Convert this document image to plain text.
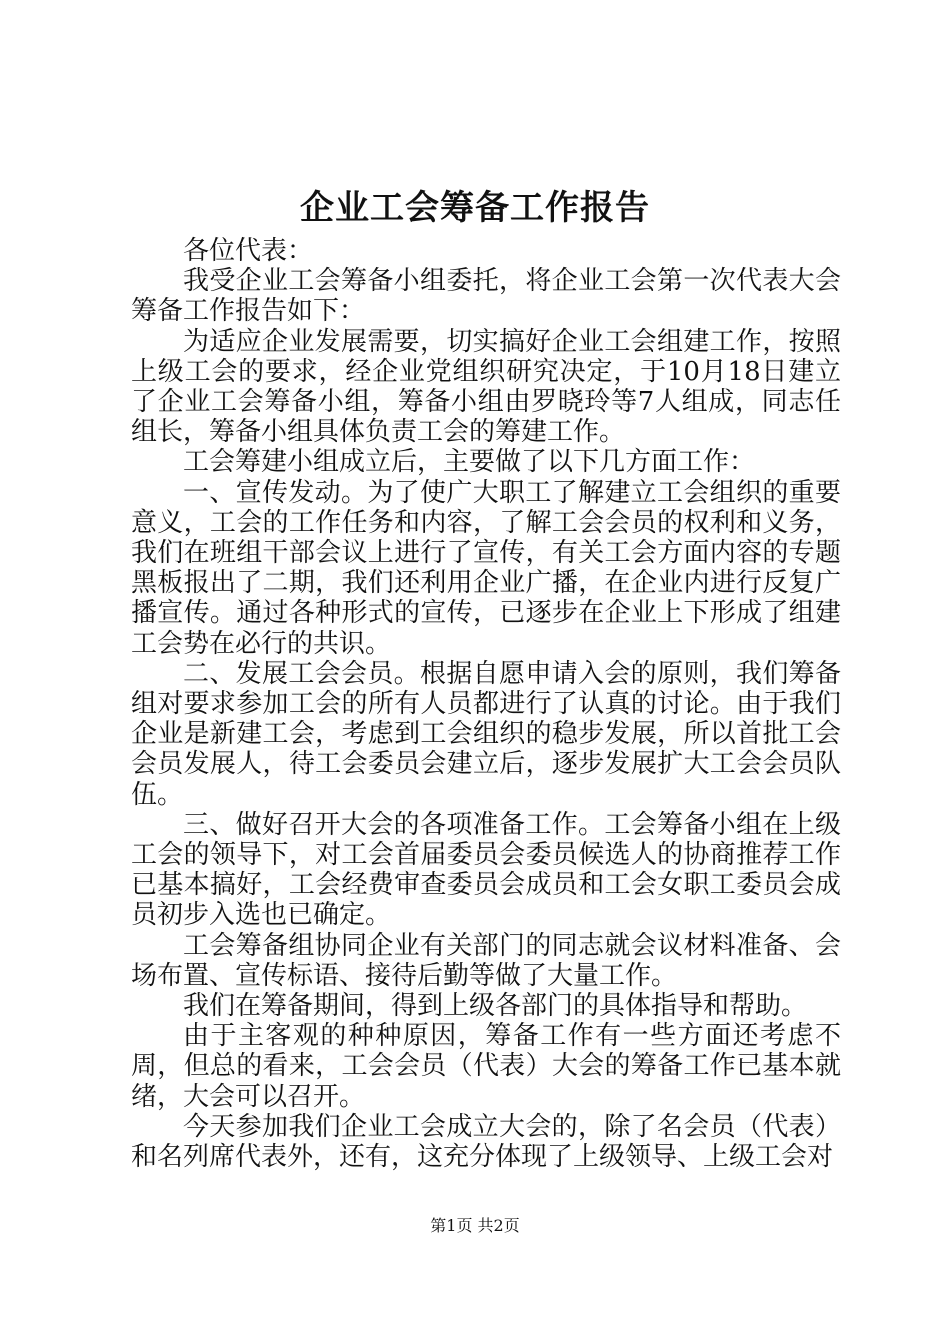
企业工会筹备工作报告

各位代表：

我受企业工会筹备小组委托，将企业工会第一次代表大会筹备工作报告如下：

为适应企业发展需要，切实搞好企业工会组建工作，按照上级工会的要求，经企业党组织研究决定，于10月18日建立了企业工会筹备小组，筹备小组由罗晓玲等7人组成，同志任组长，筹备小组具体负责工会的筹建工作。

工会筹建小组成立后，主要做了以下几方面工作：

一、宣传发动。为了使广大职工了解建立工会组织的重要意义，工会的工作任务和内容，了解工会会员的权利和义务，我们在班组干部会议上进行了宣传，有关工会方面内容的专题黑板报出了二期，我们还利用企业广播，在企业内进行反复广播宣传。通过各种形式的宣传，已逐步在企业上下形成了组建工会势在必行的共识。

二、发展工会会员。根据自愿申请入会的原则，我们筹备组对要求参加工会的所有人员都进行了认真的讨论。由于我们企业是新建工会，考虑到工会组织的稳步发展，所以首批工会会员发展人，待工会委员会建立后，逐步发展扩大工会会员队伍。

三、做好召开大会的各项准备工作。工会筹备小组在上级工会的领导下，对工会首届委员会委员候选人的协商推荐工作已基本搞好，工会经费审查委员会成员和工会女职工委员会成员初步入选也已确定。

工会筹备组协同企业有关部门的同志就会议材料准备、会场布置、宣传标语、接待后勤等做了大量工作。

我们在筹备期间，得到上级各部门的具体指导和帮助。

由于主客观的种种原因，筹备工作有一些方面还考虑不周，但总的看来，工会会员（代表）大会的筹备工作已基本就绪，大会可以召开。

今天参加我们企业工会成立大会的，除了名会员（代表）和名列席代表外，还有，这充分体现了上级领导、上级工会对

第1页 共2页
